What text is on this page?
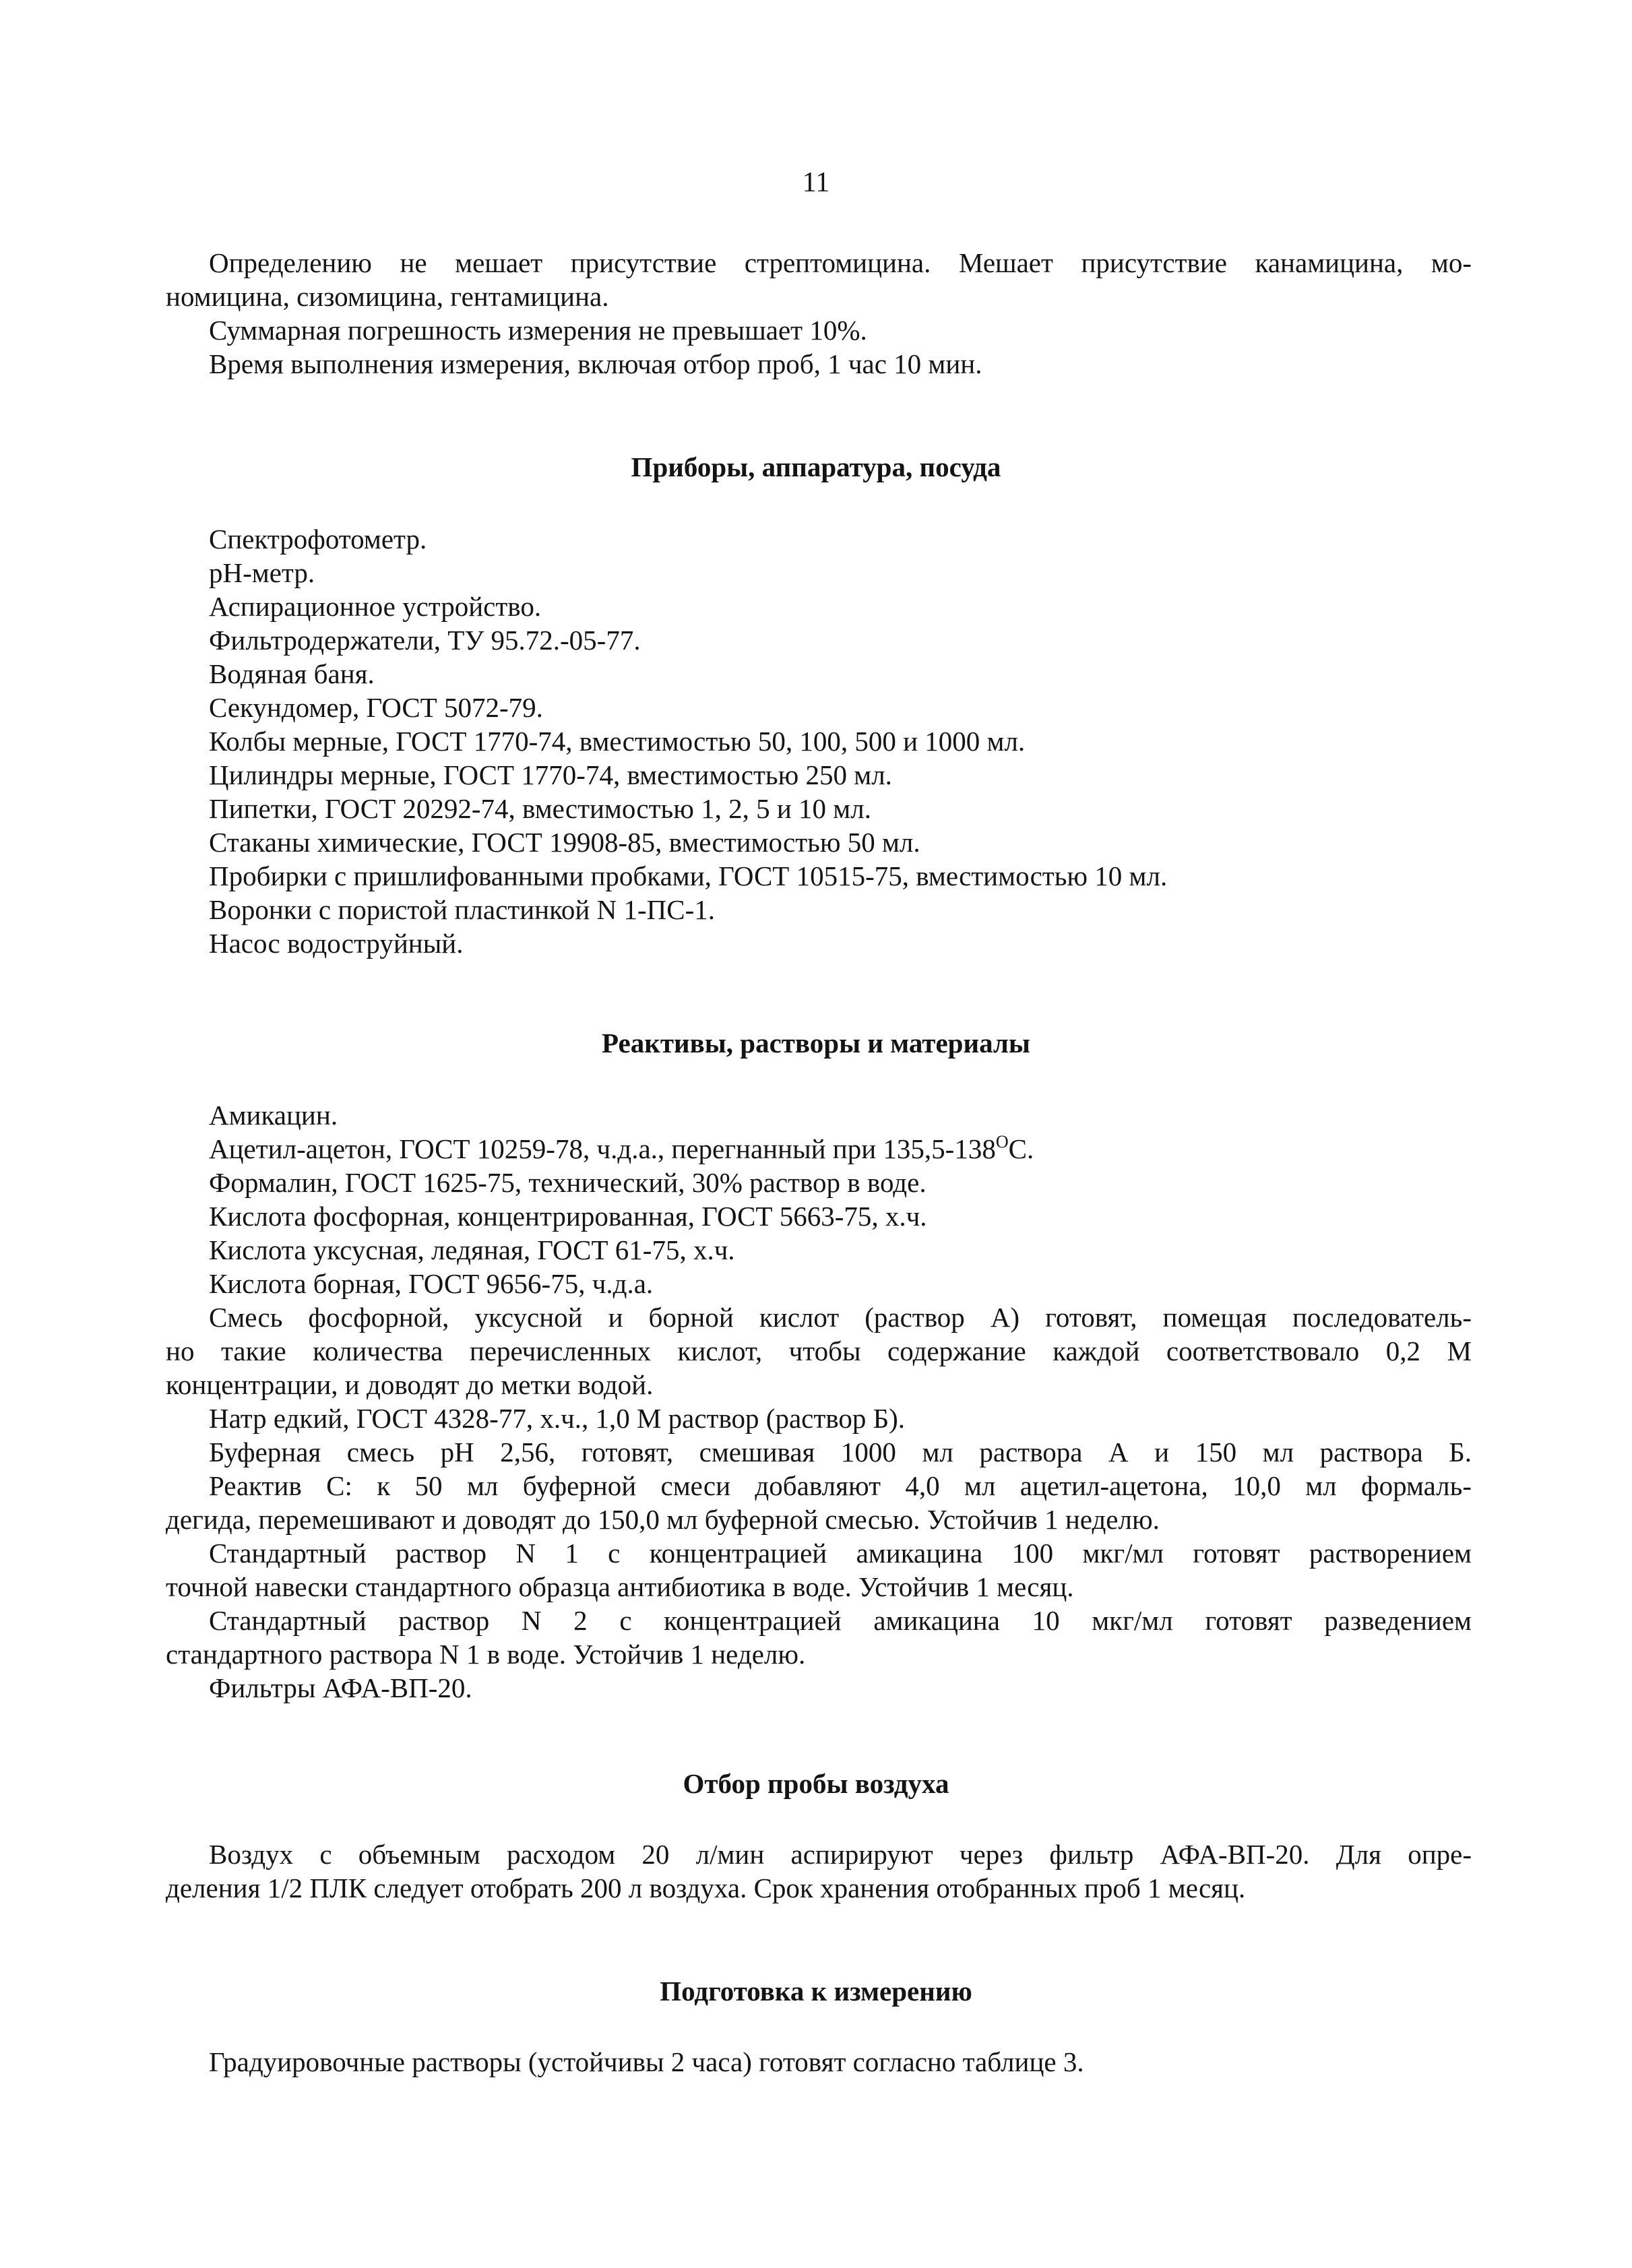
11

Определению не мешает присутствие стрептомицина. Мешает присутствие канамицина, мо-

номицина, сизомицина, гентамицина.

Суммарная погрешность измерения не превышает 10%.

Время выполнения измерения, включая отбор проб, 1 час 10 мин.

Приборы, аппаратура, посуда

Спектрофотометр.

pH-метр.

Аспирационное устройство.

Фильтродержатели, ТУ 95.72.-05-77.

Водяная баня.

Секундомер, ГОСТ 5072-79.

Колбы мерные, ГОСТ 1770-74, вместимостью 50, 100, 500 и 1000 мл.

Цилиндры мерные, ГОСТ 1770-74, вместимостью 250 мл.

Пипетки, ГОСТ 20292-74, вместимостью 1, 2, 5 и 10 мл.

Стаканы химические, ГОСТ 19908-85, вместимостью 50 мл.

Пробирки с пришлифованными пробками, ГОСТ 10515-75, вместимостью 10 мл.

Воронки с пористой пластинкой N 1-ПС-1.

Насос водоструйный.

Реактивы, растворы и материалы

Амикацин.

Ацетил-ацетон, ГОСТ 10259-78, ч.д.а., перегнанный при $135,5-138^ОС$.

Формалин, ГОСТ 1625-75, технический, 30% раствор в воде.

Кислота фосфорная, концентрированная, ГОСТ 5663-75, х.ч.

Кислота уксусная, ледяная, ГОСТ 61-75, х.ч.

Кислота борная, ГОСТ 9656-75, ч.д.а.

Смесь фосфорной, уксусной и борной кислот (раствор А) готовят, помещая последователь-

но такие количества перечисленных кислот, чтобы содержание каждой соответствовало 0,2 М

концентрации, и доводят до метки водой.

Натр едкий, ГОСТ 4328-77, х.ч., 1,0 М раствор (раствор Б).

Буферная смесь pH 2,56, готовят, смешивая 1000 мл раствора А и 150 мл раствора Б.

Реактив С: к 50 мл буферной смеси добавляют 4,0 мл ацетил-ацетона, 10,0 мл формаль-

дегида, перемешивают и доводят до 150,0 мл буферной смесью. Устойчив 1 неделю.

Стандартный раствор N 1 с концентрацией амикацина 100 мкг/мл готовят растворением

точной навески стандартного образца антибиотика в воде. Устойчив 1 месяц.

Стандартный раствор N 2 с концентрацией амикацина 10 мкг/мл готовят разведением

стандартного раствора N 1 в воде. Устойчив 1 неделю.

Фильтры АФА-ВП-20.

Отбор пробы воздуха

Воздух с объемным расходом 20 л/мин аспирируют через фильтр АФА-ВП-20. Для опре-

деления 1/2 ПЛК следует отобрать 200 л воздуха. Срок хранения отобранных проб 1 месяц.

Подготовка к измерению

Градуировочные растворы (устойчивы 2 часа) готовят согласно таблице 3.
